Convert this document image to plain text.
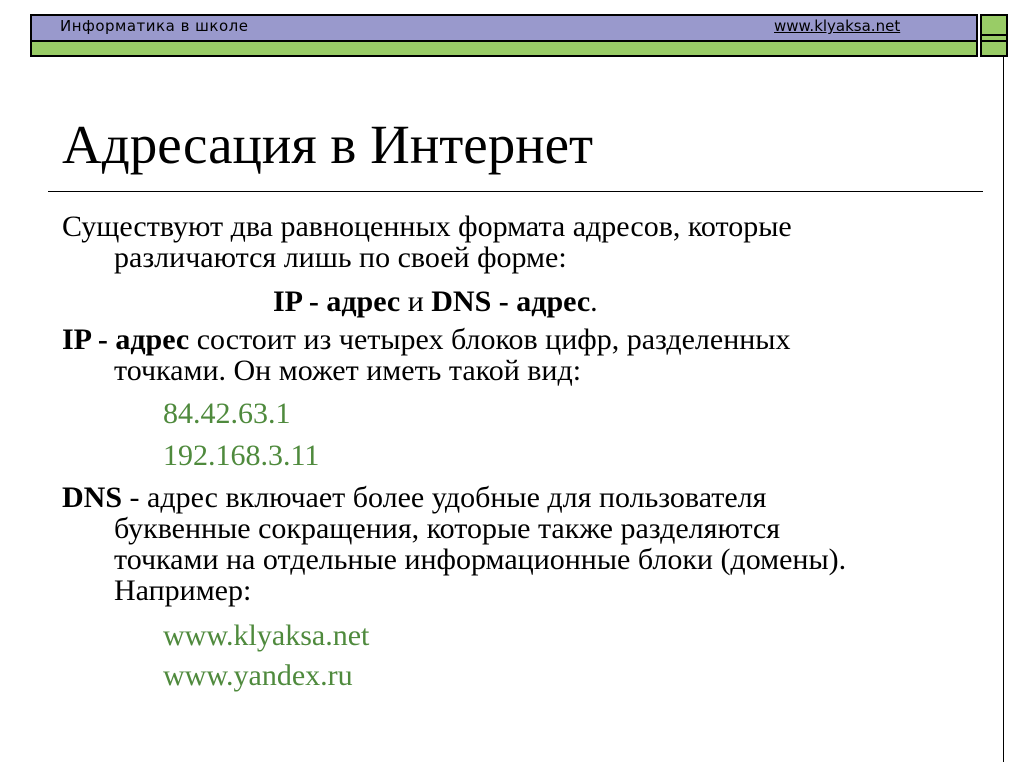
Информатика в школе	www.klyaksa.net
Адресация в Интернет
Существуют два равноценных формата адресов, которые
различаются лишь по своей форме:
IP - адрес и DNS - адрес.
IP - адрес состоит из четырех блоков цифр, разделенных
точками. Он может иметь такой вид:
84.42.63.1
192.168.3.11
DNS - адрес включает более удобные для пользователя
буквенные сокращения, которые также разделяются
точками на отдельные информационные блоки (домены).
Например:
www.klyaksa.net
www.yandex.ru
